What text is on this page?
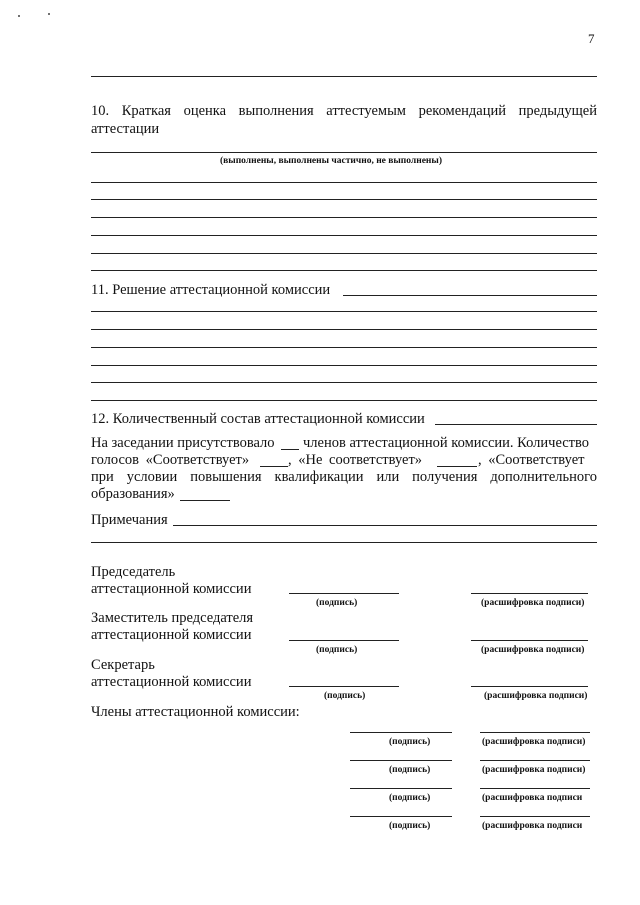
7
10. Краткая оценка выполнения аттестуемым рекомендаций предыдущей
аттестации
(выполнены, выполнены частично, не выполнены)
11. Решение аттестационной комиссии
12. Количественный состав аттестационной комиссии
На заседании присутствовало членов аттестационной комиссии. Количество
голосов «Соответствует»	, «Не соответствует»	, «Соответствует
при условии повышения квалификации или получения дополнительного
образования»
Примечания
Председатель
аттестационной комиссии
(подпись)	(расшифровка подписи)
Заместитель председателя
аттестационной комиссии
(подпись)	(расшифровка подписи)
Секретарь
аттестационной комиссии
(подпись)	(расшифровка подписи)
Члены аттестационной комиссии:
(подпись)	(расшифровка подписи)
(подпись)	(расшифровка подписи)
(подпись)	(расшифровка подписи
(подпись)	(расшифровка подписи
